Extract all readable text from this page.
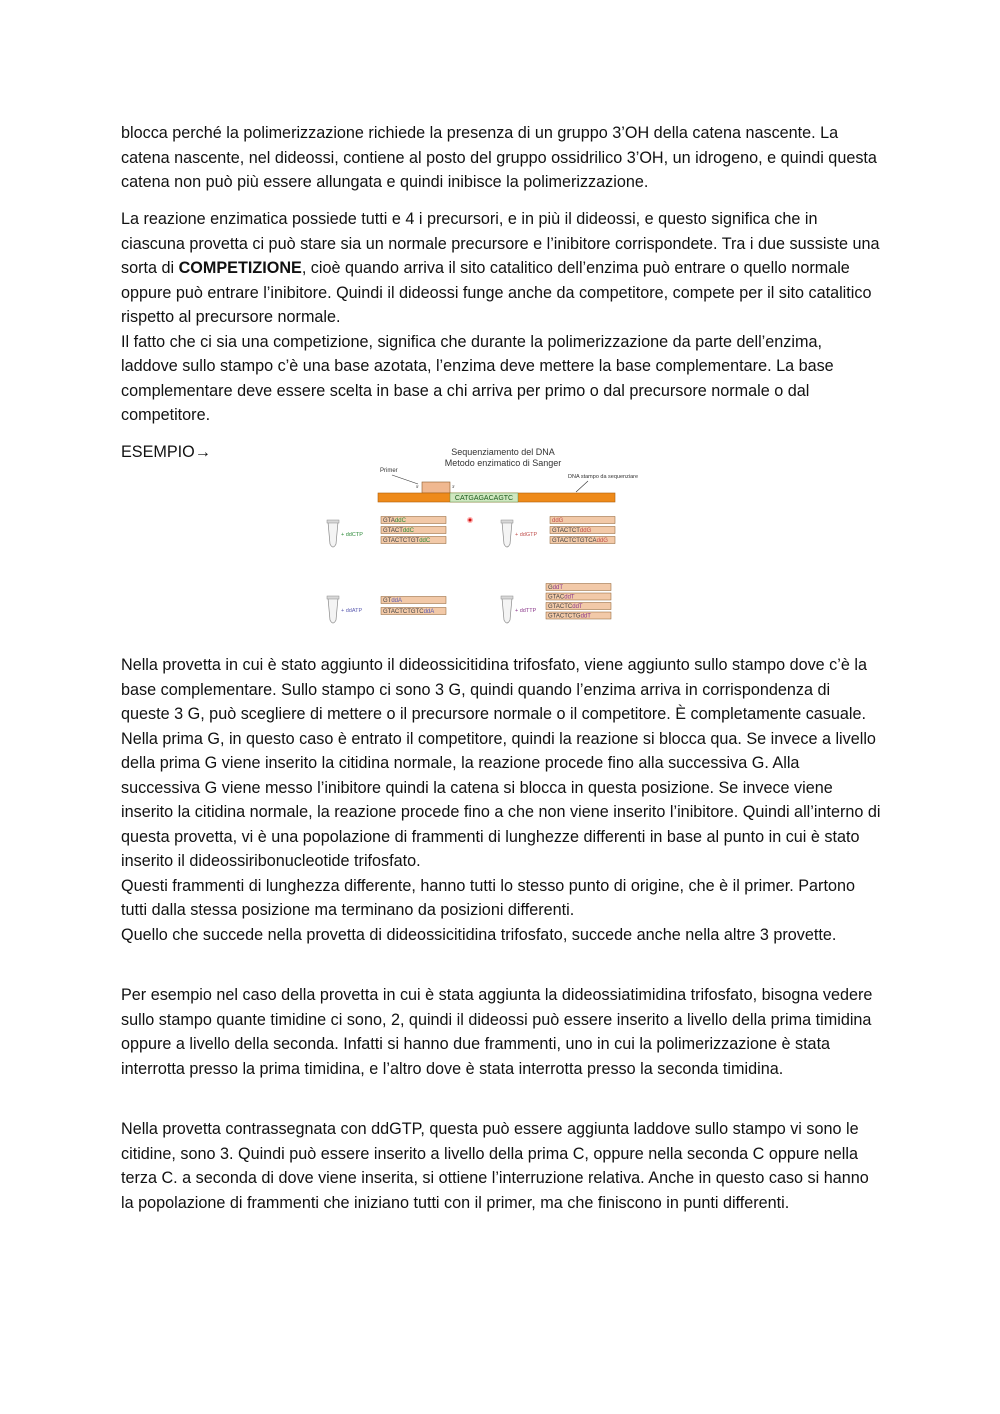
blocca perché la polimerizzazione richiede la presenza di un gruppo 3’OH della catena nascente. La catena nascente, nel dideossi, contiene al posto del gruppo ossidrilico 3’OH, un idrogeno, e quindi questa catena non può più essere allungata e quindi inibisce la polimerizzazione.

La reazione enzimatica possiede tutti e 4 i precursori, e in più il dideossi, e questo significa che in ciascuna provetta ci può stare sia un normale precursore e l’inibitore corrispondete. Tra i due sussiste una sorta di COMPETIZIONE, cioè quando arriva il sito catalitico dell’enzima può entrare o quello normale oppure può entrare l’inibitore. Quindi il dideossi funge anche da competitore, compete per il sito catalitico rispetto al precursore normale.

Il fatto che ci sia una competizione, significa che durante la polimerizzazione da parte dell’enzima, laddove sullo stampo c’è una base azotata, l’enzima deve mettere la base complementare. La base complementare deve essere scelta in base a chi arriva per primo o dal precursore normale o dal competitore.

ESEMPIO→	Sequenziamento del DNA
Metodo enzimatico di Sanger
Primer
DNA stampo da sequenziare
5'	3'
CATGAGACAGTC
+ ddCTP
GTAddC
GTACTddC
GTACTCTGTddC
+ ddGTP
ddG
GTACTCTddG
GTACTCTGTCAddG
+ ddATP
GTddA
GTACTCTGTCddA	+ ddTTP
GddT
GTACddT
GTACTCddT
GTACTCTGddT

Nella provetta in cui è stato aggiunto il dideossicitidina trifosfato, viene aggiunto sullo stampo dove c’è la base complementare. Sullo stampo ci sono 3 G, quindi quando l’enzima arriva in corrispondenza di queste 3 G, può scegliere di mettere o il precursore normale o il competitore. È completamente casuale.

Nella prima G, in questo caso è entrato il competitore, quindi la reazione si blocca qua. Se invece a livello della prima G viene inserito la citidina normale, la reazione procede fino alla successiva G. Alla successiva G viene messo l’inibitore quindi la catena si blocca in questa posizione. Se invece viene inserito la citidina normale, la reazione procede fino a che non viene inserito l’inibitore. Quindi all’interno di questa provetta, vi è una popolazione di frammenti di lunghezze differenti in base al punto in cui è stato inserito il dideossiribonucleotide trifosfato.

Questi frammenti di lunghezza differente, hanno tutti lo stesso punto di origine, che è il primer. Partono tutti dalla stessa posizione ma terminano da posizioni differenti.

Quello che succede nella provetta di dideossicitidina trifosfato, succede anche nella altre 3 provette.

Per esempio nel caso della provetta in cui è stata aggiunta la dideossiatimidina trifosfato, bisogna vedere sullo stampo quante timidine ci sono, 2, quindi il dideossi può essere inserito a livello della prima timidina oppure a livello della seconda. Infatti si hanno due frammenti, uno in cui la polimerizzazione è stata interrotta presso la prima timidina, e l’altro dove è stata interrotta presso la seconda timidina.

Nella provetta contrassegnata con ddGTP, questa può essere aggiunta laddove sullo stampo vi sono le citidine, sono 3. Quindi può essere inserito a livello della prima C, oppure nella seconda C oppure nella terza C. a seconda di dove viene inserita, si ottiene l’interruzione relativa. Anche in questo caso si hanno la popolazione di frammenti che iniziano tutti con il primer, ma che finiscono in punti differenti.
